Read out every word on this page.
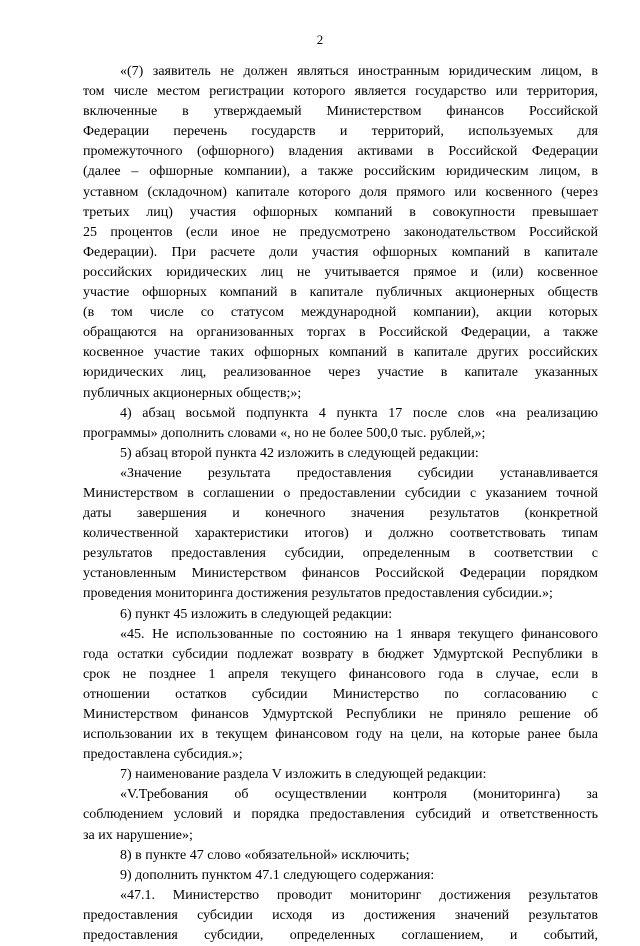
2
«(7) заявитель не должен являться иностранным юридическим лицом, в
том числе местом регистрации которого является государство или территория,
включенные в утверждаемый Министерством финансов Российской
Федерации перечень государств и территорий, используемых для
промежуточного (офшорного) владения активами в Российской Федерации
(далее – офшорные компании), а также российским юридическим лицом, в
уставном (складочном) капитале которого доля прямого или косвенного (через
третьих лиц) участия офшорных компаний в совокупности превышает
25 процентов (если иное не предусмотрено законодательством Российской
Федерации). При расчете доли участия офшорных компаний в капитале
российских юридических лиц не учитывается прямое и (или) косвенное
участие офшорных компаний в капитале публичных акционерных обществ
(в том числе со статусом международной компании), акции которых
обращаются на организованных торгах в Российской Федерации, а также
косвенное участие таких офшорных компаний в капитале других российских
юридических лиц, реализованное через участие в капитале указанных
публичных акционерных обществ;»;
4) абзац восьмой подпункта 4 пункта 17 после слов «на реализацию
программы» дополнить словами «, но не более 500,0 тыс. рублей,»;
5) абзац второй пункта 42 изложить в следующей редакции:
«Значение результата предоставления субсидии устанавливается
Министерством в соглашении о предоставлении субсидии с указанием точной
даты завершения и конечного значения результатов (конкретной
количественной характеристики итогов) и должно соответствовать типам
результатов предоставления субсидии, определенным в соответствии с
установленным Министерством финансов Российской Федерации порядком
проведения мониторинга достижения результатов предоставления субсидии.»;
6) пункт 45 изложить в следующей редакции:
«45. Не использованные по состоянию на 1 января текущего финансового
года остатки субсидии подлежат возврату в бюджет Удмуртской Республики в
срок не позднее 1 апреля текущего финансового года в случае, если в
отношении остатков субсидии Министерство по согласованию с
Министерством финансов Удмуртской Республики не приняло решение об
использовании их в текущем финансовом году на цели, на которые ранее была
предоставлена субсидия.»;
7) наименование раздела V изложить в следующей редакции:
«V.Требования об осуществлении контроля (мониторинга) за
соблюдением условий и порядка предоставления субсидий и ответственность
за их нарушение»;
8) в пункте 47 слово «обязательной» исключить;
9) дополнить пунктом 47.1 следующего содержания:
«47.1. Министерство проводит мониторинг достижения результатов
предоставления субсидии исходя из достижения значений результатов
предоставления субсидии, определенных соглашением, и событий,
